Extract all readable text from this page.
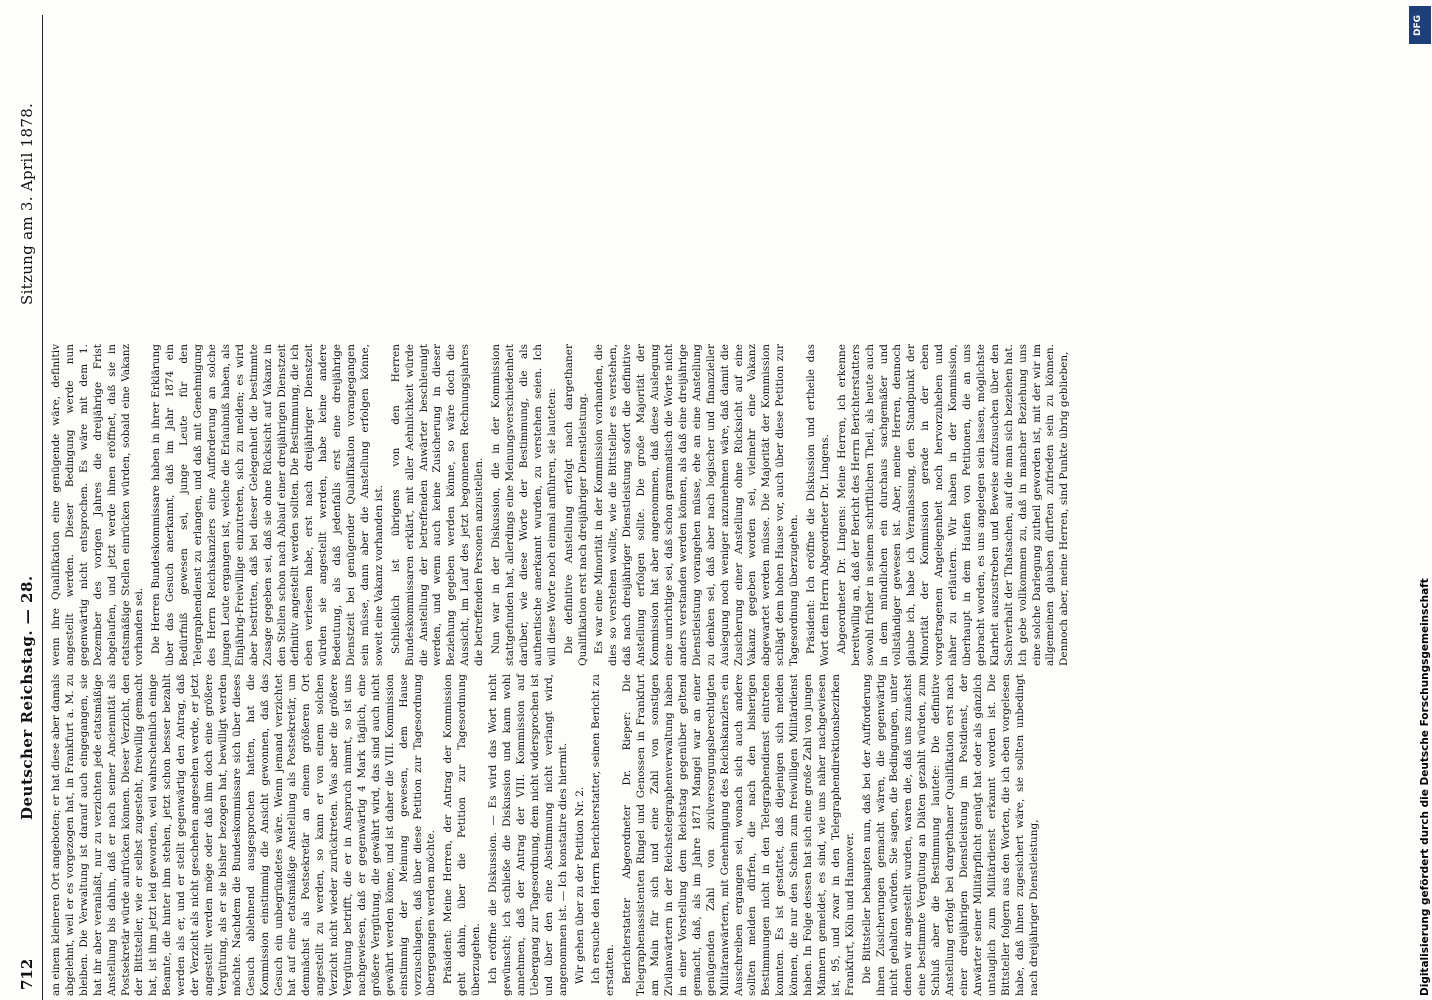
712
Deutscher Reichstag. — 28.
Sitzung am 3. April 1878.

an einem kleineren Ort angeboten; er hat diese aber damals abgelehnt, weil er es vorgezogen hat, in Frankfurt a. M. zu bleiben. Die Verwaltung ist darauf auch eingegangen, sie hat ihr aber veranlaßt, nur zu verzichten jede etatsmäßige Anstellung bis dahin, daß er nach seiner Anciennität als Postsekretär würde aufrücken können. Dieser Verzicht, den der Bittsteller, wie er selbst zugesteht, freiwillig gemacht hat, ist ihm jetzt leid geworden, weil wahrscheinlich einige Beamte, die hinter ihm stehen, jetzt schon besser bezahlt werden als er, und er stellt gegenwärtig den Antrag, daß der Verzicht als nicht geschehen angesehen werde, er jetzt angestellt werden möge oder daß ihm doch eine größere Vergütung, als er sie bisher bezogen hat, bewilligt werden möchte. Nachdem die Bundeskommissare sich über dieses Gesuch ablehnend ausgesprochen hatten, hat die Kommission einstimmig die Ansicht gewonnen, daß das Gesuch ein unbegründetes wäre. Wenn jemand verzichtet hat auf eine etatsmäßige Anstellung als Postsekretär, um demnächst als Postsekretär an einem größeren Ort angestellt zu werden, so kann er von einem solchen Verzicht nicht wieder zurücktreten. Was aber die größere Vergütung betrifft, die er in Anspruch nimmt, so ist uns nachgewiesen, daß er gegenwärtig 4 Mark täglich, eine größere Vergütung, die gewährt wird, das sind auch nicht gewährt werden könne, und ist daher die VIII. Kommission einstimmig der Meinung gewesen, dem Hause vorzuschlagen, daß über diese Petition zur Tagesordnung übergegangen werden möchte. Präsident: Meine Herren, der Antrag der Kommission geht dahin, über die Petition zur Tagesordnung überzugehen. Ich eröffne die Diskussion. — Es wird das Wort nicht gewünscht; ich schließe die Diskussion und kann wohl annehmen, daß der Antrag der VIII. Kommission auf Uebergang zur Tagesordnung, dem nicht widersprochen ist und über den eine Abstimmung nicht verlangt wird, angenommen ist. — Ich konstatire dies hiermit. Wir gehen über zu der Petition Nr. 2. Ich ersuche den Herrn Berichterstatter, seinen Bericht zu erstatten. Berichterstatter Abgeordneter Dr. Rieper: Die Telegraphenassistenten Ringel und Genossen in Frankfurt am Main für sich und eine Zahl von sonstigen Zivilanwärtern in der Reichstelegraphenverwaltung haben in einer Vorstellung dem Reichstag gegenüber geltend gemacht, daß, als im Jahre 1871 Mangel war an einer genügenden Zahl von zivilversorgungsberechtigten Militäranwärtern, mit Genehmigung des Reichskanzlers ein Ausschreiben ergangen sei, wonach sich auch andere sollten melden dürfen, die nach den bisherigen Bestimmungen nicht in den Telegraphendienst eintreten konnten. Es ist gestattet, daß diejenigen sich melden können, die nur den Schein zum freiwilligen Militärdienst haben. In Folge dessen hat sich eine große Zahl von jungen Männern gemeldet, es sind, wie uns näher nachgewiesen ist, 95, und zwar in den Telegraphendirektionsbezirken Frankfurt, Köln und Hannover. Die Bittsteller behaupten nun, daß bei der Aufforderung ihnen Zusicherungen gemacht wären, die gegenwärtig nicht gehalten würden. Sie sagen, die Bedingungen, unter denen wir angestellt wurden, waren die, daß uns zunächst eine bestimmte Vergütung an Diäten gezahlt würden, zum Schluß aber die Bestimmung lautete: Die definitive Anstellung erfolgt bei dargethaner Qualifikation erst nach einer dreijährigen Dienstleistung im Postdienst, der Anwärter seiner Militärpflicht genügt hat oder als gänzlich untauglich zum Militärdienst erkannt worden ist. Die Bittsteller folgern aus den Worten, die ich eben vorgelesen habe, daß ihnen zugesichert wäre, sie sollten unbedingt nach dreijähriger Dienstleistung,

wenn ihre Qualifikation eine genügende wäre, definitiv angestellt werden. Dieser Bedingung werde nun gegenwärtig nicht entsprochen. Es wäre mit dem 1. Dezember des vorigen Jahres die dreijährige Frist abgelaufen, und jetzt werde ihnen eröffnet, daß sie in etatsmäßige Stellen einrücken würden, sobald eine Vakanz vorhanden sei. Die Herren Bundeskommissare haben in ihrer Erklärung über das Gesuch anerkannt, daß im Jahr 1874 ein Bedürfniß gewesen sei, junge Leute für den Telegraphendienst zu erlangen, und daß mit Genehmigung des Herrn Reichskanzlers eine Aufforderung an solche jungen Leute ergangen ist, welche die Erlaubniß haben, als Einjährig-Freiwillige einzutreten, sich zu melden; es wird aber bestritten, daß bei dieser Gelegenheit die bestimmte Zusage gegeben sei, daß sie ohne Rücksicht auf Vakanz in den Stellen schon nach Ablauf einer dreijährigen Dienstzeit definitiv angestellt werden sollten. Die Bestimmung, die ich eben verlesen habe, erst nach dreijähriger Dienstzeit würden sie angestellt werden, habe keine andere Bedeutung, als daß jedenfalls erst eine dreijährige Dienstzeit bei genügender Qualifikation vorangegangen sein müsse, dann aber die Anstellung erfolgen könne, soweit eine Vakanz vorhanden ist. Schließlich ist übrigens von den Herren Bundeskommissaren erklärt, mit aller Aehnlichkeit würde die Anstellung der betreffenden Anwärter beschleunigt werden, und wenn auch keine Zusicherung in dieser Beziehung gegeben werden könne, so wäre doch die Aussicht, im Lauf des jetzt begonnenen Rechnungsjahres die betreffenden Personen anzustellen. Nun war in der Diskussion, die in der Kommission stattgefunden hat, allerdings eine Meinungsverschiedenheit darüber, wie diese Worte der Bestimmung, die als authentische anerkannt wurden, zu verstehen seien. Ich will diese Worte noch einmal anführen, sie lauteten: Die definitive Anstellung erfolgt nach dargethaner Qualifikation erst nach dreijähriger Dienstleistung. Es war eine Minorität in der Kommission vorhanden, die dies so verstehen wollte, wie die Bittsteller es verstehen, daß nach dreijähriger Dienstleistung sofort die definitive Anstellung erfolgen sollte. Die große Majorität der Kommission hat aber angenommen, daß diese Auslegung eine unrichtige sei, daß schon grammatisch die Worte nicht anders verstanden werden können, als daß eine dreijährige Dienstleistung vorangehen müsse, ehe an eine Anstellung zu denken sei, daß aber nach logischer und finanzieller Auslegung noch weniger anzunehmen wäre, daß damit die Zusicherung einer Anstellung ohne Rücksicht auf eine Vakanz gegeben worden sei, vielmehr eine Vakanz abgewartet werden müsse. Die Majorität der Kommission schlägt dem hohen Hause vor, auch über diese Petition zur Tagesordnung überzugehen. Präsident: Ich eröffne die Diskussion und ertheile das Wort dem Herrn Abgeordneter Dr. Lingens. Abgeordneter Dr. Lingens: Meine Herren, ich erkenne bereitwillig an, daß der Bericht des Herrn Berichterstatters sowohl früher in seinem schriftlichen Theil, als heute auch in dem mündlichen ein durchaus sachgemäßer und vollständiger gewesen ist. Aber, meine Herren, dennoch glaube ich, habe ich Veranlassung, den Standpunkt der Minorität der Kommission gerade in der eben vorgetragenen Angelegenheit noch hervorzuheben und näher zu erläutern. Wir haben in der Kommission, überhaupt in dem Haufen von Petitionen, die an uns gebracht worden, es uns angelegen sein lassen, möglichste Klarheit auszustreben und Beweise aufzusuchen über den Sachverhalt der Thatsachen, auf die man sich beziehen hat. Ich gebe vollkommen zu, daß in mancher Beziehung uns eine solche Darlegung zutheil geworden ist, mit der wir im allgemeinen glauben dürften zufrieden sein zu können. Dennoch aber, meine Herren, sind Punkte übrig geblieben,

Digitalisierung gefördert durch die Deutsche Forschungsgemeinschaft
DFG
